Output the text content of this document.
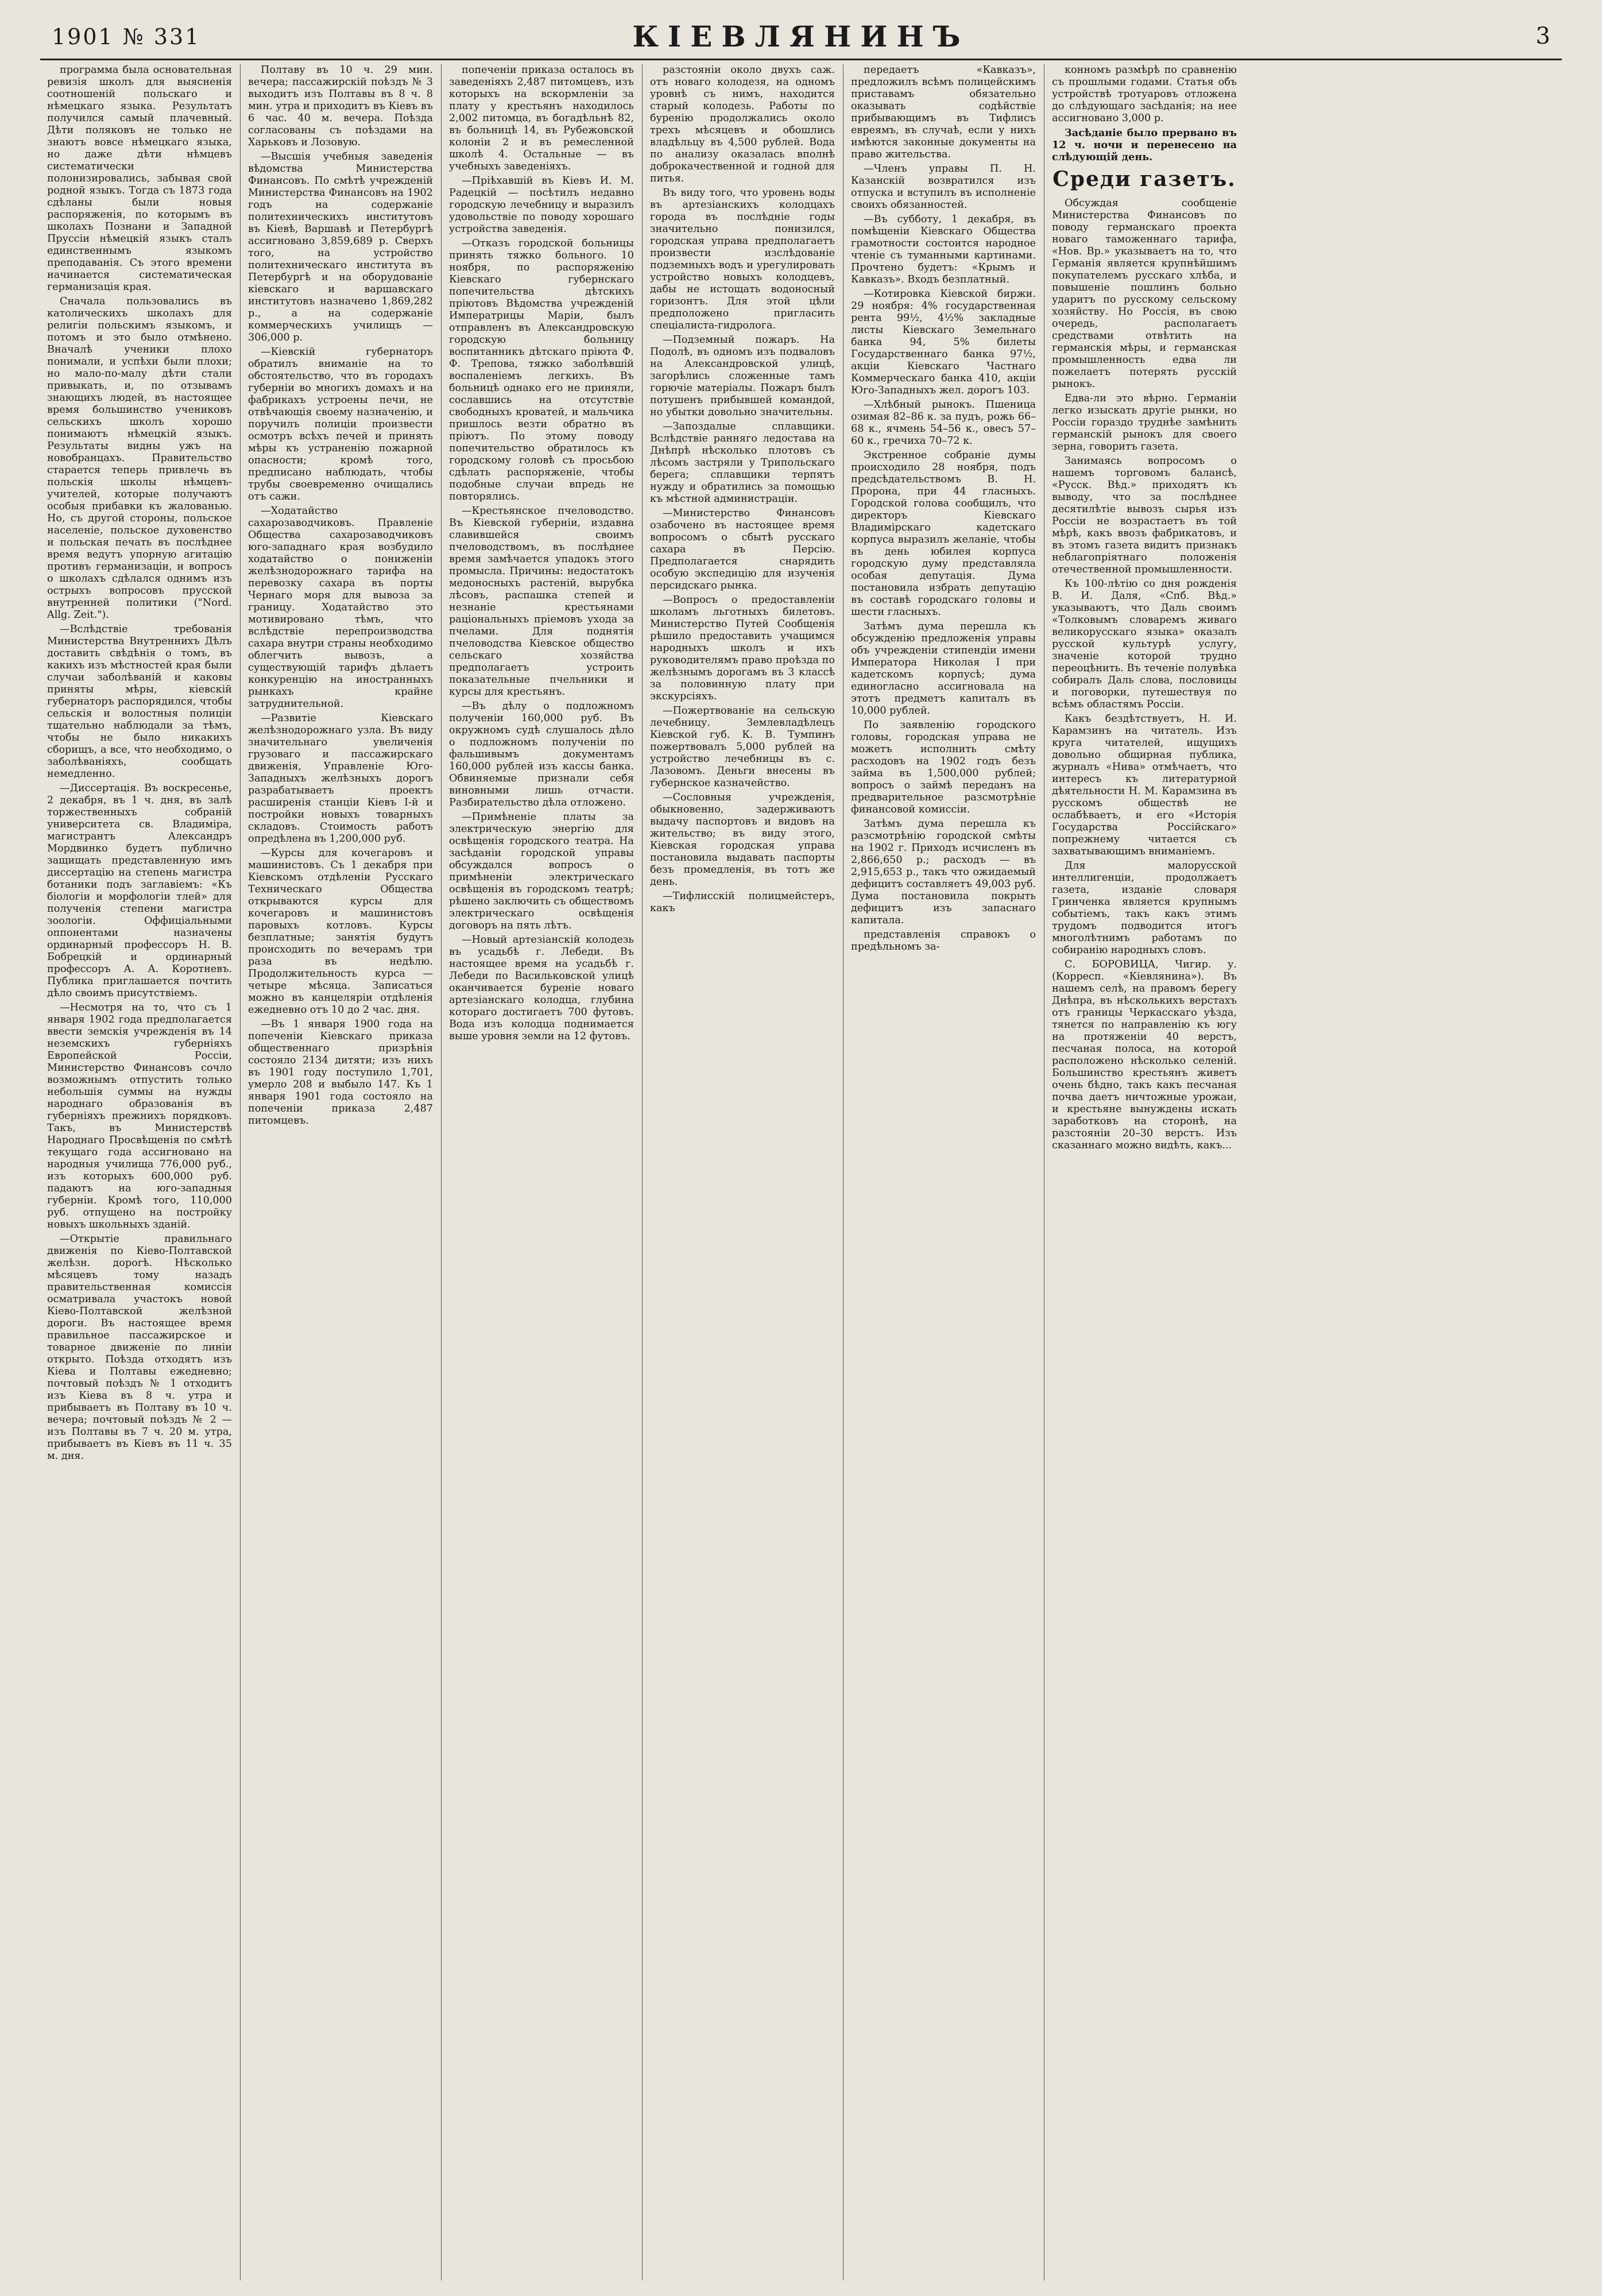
1901 № 331	КІЕВЛЯНИНЪ	3

программа была основательная ревизія школъ для выясненія соотношеній польскаго и нѣмецкаго языка. Результатъ получился самый плачевный. Дѣти поляковъ не только не знаютъ вовсе нѣмецкаго языка, но даже дѣти нѣмцевъ систематически полонизировались, забывая свой родной языкъ. Тогда съ 1873 года сдѣланы были новыя распоряженія, по которымъ въ школахъ Познани и Западной Пруссіи нѣмецкій языкъ сталъ единственнымъ языкомъ преподаванія. Съ этого времени начинается систематическая германизація края.

Сначала пользовались въ католическихъ школахъ для религіи польскимъ языкомъ, и потомъ и это было отмѣнено. Вначалѣ ученики плохо понимали, и успѣхи были плохи; но мало-по-малу дѣти стали привыкать, и, по отзывамъ знающихъ людей, въ настоящее время большинство учениковъ сельскихъ школъ хорошо понимаютъ нѣмецкій языкъ. Результаты видны ужъ на новобранцахъ. Правительство старается теперь привлечь въ польскія школы нѣмцевъ-учителей, которые получаютъ особыя прибавки къ жалованью. Но, съ другой стороны, польское населеніе, польское духовенство и польская печать въ послѣднее время ведутъ упорную агитацію противъ германизаціи, и вопросъ о школахъ сдѣлался однимъ изъ острыхъ вопросовъ прусской внутренней политики ("Nord. Allg. Zeit.").

—Вслѣдствіе требованія Министерства Внутреннихъ Дѣлъ доставить свѣдѣнія о томъ, въ какихъ изъ мѣстностей края были случаи заболѣваній и каковы приняты мѣры, кіевскій губернаторъ распорядился, чтобы сельскія и волостныя полиціи тщательно наблюдали за тѣмъ, чтобы не было никакихъ сборищъ, а все, что необходимо, о заболѣваніяхъ, сообщать немедленно.

—Диссертація. Въ воскресенье, 2 декабря, въ 1 ч. дня, въ залѣ торжественныхъ собраній университета св. Владиміра, магистрантъ Александръ Мордвинко будетъ публично защищать представленную имъ диссертацію на степень магистра ботаники подъ заглавіемъ: «Къ біологіи и морфологіи тлей» для полученія степени магистра зоологіи. Оффиціальными оппонентами назначены ординарный профессоръ Н. В. Бобрецкій и ординарный профессоръ А. А. Коротневъ. Публика приглашается почтить дѣло своимъ присутствіемъ.

—Несмотря на то, что съ 1 января 1902 года предполагается ввести земскія учрежденія въ 14 неземскихъ губерніяхъ Европейской Россіи, Министерство Финансовъ сочло возможнымъ отпустить только небольшія суммы на нужды народнаго образованія въ губерніяхъ прежнихъ порядковъ. Такъ, въ Министерствѣ Народнаго Просвѣщенія по смѣтѣ текущаго года ассигновано на народныя училища 776,000 руб., изъ которыхъ 600,000 руб. падаютъ на юго-западныя губерніи. Кромѣ того, 110,000 руб. отпущено на постройку новыхъ школьныхъ зданій.

—Открытіе правильнаго движенія по Кіево-Полтавской желѣзн. дорогѣ. Нѣсколько мѣсяцевъ тому назадъ правительственная комиссія осматривала участокъ новой Кіево-Полтавской желѣзной дороги. Въ настоящее время правильное пассажирское и товарное движеніе по линіи открыто. Поѣзда отходятъ изъ Кіева и Полтавы ежедневно; почтовый поѣздъ № 1 отходитъ изъ Кіева въ 8 ч. утра и прибываетъ въ Полтаву въ 10 ч. вечера; почтовый поѣздъ № 2 — изъ Полтавы въ 7 ч. 20 м. утра, прибываетъ въ Кіевъ въ 11 ч. 35 м. дня.

Полтаву въ 10 ч. 29 мин. вечера; пассажирскій поѣздъ № 3 выходитъ изъ Полтавы въ 8 ч. 8 мин. утра и приходитъ въ Кіевъ въ 6 час. 40 м. вечера. Поѣзда согласованы съ поѣздами на Харьковъ и Лозовую.

—Высшія учебныя заведенія вѣдомства Министерства Финансовъ. По смѣтѣ учрежденій Министерства Финансовъ на 1902 годъ на содержаніе политехническихъ институтовъ въ Кіевѣ, Варшавѣ и Петербургѣ ассигновано 3,859,689 р. Сверхъ того, на устройство политехническаго института въ Петербургѣ и на оборудованіе кіевскаго и варшавскаго институтовъ назначено 1,869,282 р., а на содержаніе коммерческихъ училищъ — 306,000 р.

—Кіевскій губернаторъ обратилъ вниманіе на то обстоятельство, что въ городахъ губерніи во многихъ домахъ и на фабрикахъ устроены печи, не отвѣчающія своему назначенію, и поручилъ полиціи произвести осмотръ всѣхъ печей и принять мѣры къ устраненію пожарной опасности; кромѣ того, предписано наблюдать, чтобы трубы своевременно очищались отъ сажи.

—Ходатайство сахарозаводчиковъ. Правленіе Общества сахарозаводчиковъ юго-западнаго края возбудило ходатайство о пониженіи желѣзнодорожнаго тарифа на перевозку сахара въ порты Чернаго моря для вывоза за границу. Ходатайство это мотивировано тѣмъ, что вслѣдствіе перепроизводства сахара внутри страны необходимо облегчить вывозъ, а существующій тарифъ дѣлаетъ конкуренцію на иностранныхъ рынкахъ крайне затруднительной.

—Развитіе Кіевскаго желѣзнодорожнаго узла. Въ виду значительнаго увеличенія грузоваго и пассажирскаго движенія, Управленіе Юго-Западныхъ желѣзныхъ дорогъ разрабатываетъ проектъ расширенія станціи Кіевъ I-й и постройки новыхъ товарныхъ складовъ. Стоимость работъ опредѣлена въ 1,200,000 руб.

—Курсы для кочегаровъ и машинистовъ. Съ 1 декабря при Кіевскомъ отдѣленіи Русскаго Техническаго Общества открываются курсы для кочегаровъ и машинистовъ паровыхъ котловъ. Курсы безплатные; занятія будутъ происходить по вечерамъ три раза въ недѣлю. Продолжительность курса — четыре мѣсяца. Записаться можно въ канцеляріи отдѣленія ежедневно отъ 10 до 2 час. дня.

—Въ 1 января 1900 года на попеченіи Кіевскаго приказа общественнаго призрѣнія состояло 2134 дитяти; изъ нихъ въ 1901 году поступило 1,701, умерло 208 и выбыло 147. Къ 1 января 1901 года состояло на попеченіи приказа 2,487 питомцевъ.

попеченіи приказа осталось въ заведеніяхъ 2,487 питомцевъ, изъ которыхъ на вскормленіи за плату у крестьянъ находилось 2,002 питомца, въ богадѣльнѣ 82, въ больницѣ 14, въ Рубежовской колоніи 2 и въ ремесленной школѣ 4. Остальные — въ учебныхъ заведеніяхъ.

—Пріѣхавшій въ Кіевъ И. М. Радецкій — посѣтилъ недавно городскую лечебницу и выразилъ удовольствіе по поводу хорошаго устройства заведенія.

—Отказъ городской больницы принять тяжко больного. 10 ноября, по распоряженію Кіевскаго губернскаго попечительства дѣтскихъ пріютовъ Вѣдомства учрежденій Императрицы Маріи, былъ отправленъ въ Александровскую городскую больницу воспитанникъ дѣтскаго пріюта Ф. Ф. Трепова, тяжко заболѣвшій воспаленіемъ легкихъ. Въ больницѣ однако его не приняли, сославшись на отсутствіе свободныхъ кроватей, и мальчика пришлось везти обратно въ пріютъ. По этому поводу попечительство обратилось къ городскому головѣ съ просьбою сдѣлать распоряженіе, чтобы подобные случаи впредь не повторялись.

—Крестьянское пчеловодство. Въ Кіевской губерніи, издавна славившейся своимъ пчеловодствомъ, въ послѣднее время замѣчается упадокъ этого промысла. Причины: недостатокъ медоносныхъ растеній, вырубка лѣсовъ, распашка степей и незнаніе крестьянами раціональныхъ пріемовъ ухода за пчелами. Для поднятія пчеловодства Кіевское общество сельскаго хозяйства предполагаетъ устроить показательные пчельники и курсы для крестьянъ.

—Въ дѣлу о подложномъ полученіи 160,000 руб. Въ окружномъ судѣ слушалось дѣло о подложномъ полученіи по фальшивымъ документамъ 160,000 рублей изъ кассы банка. Обвиняемые признали себя виновными лишь отчасти. Разбирательство дѣла отложено.

—Примѣненіе платы за электрическую энергію для освѣщенія городского театра. На засѣданіи городской управы обсуждался вопросъ о примѣненіи электрическаго освѣщенія въ городскомъ театрѣ; рѣшено заключить съ обществомъ электрическаго освѣщенія договоръ на пять лѣтъ.

—Новый артезіанскій колодезь въ усадьбѣ г. Лебеди. Въ настоящее время на усадьбѣ г. Лебеди по Васильковской улицѣ оканчивается буреніе новаго артезіанскаго колодца, глубина котораго достигаетъ 700 футовъ. Вода изъ колодца поднимается выше уровня земли на 12 футовъ.

разстояніи около двухъ саж. отъ новаго колодезя, на одномъ уровнѣ съ нимъ, находится старый колодезь. Работы по буренію продолжались около трехъ мѣсяцевъ и обошлись владѣльцу въ 4,500 рублей. Вода по анализу оказалась вполнѣ доброкачественной и годной для питья.

Въ виду того, что уровень воды въ артезіанскихъ колодцахъ города въ послѣдніе годы значительно понизился, городская управа предполагаетъ произвести изслѣдованіе подземныхъ водъ и урегулировать устройство новыхъ колодцевъ, дабы не истощать водоносный горизонтъ. Для этой цѣли предположено пригласить спеціалиста-гидролога.

—Подземный пожаръ. На Подолѣ, въ одномъ изъ подваловъ на Александровской улицѣ, загорѣлись сложенные тамъ горючіе матеріалы. Пожаръ былъ потушенъ прибывшей командой, но убытки довольно значительны.

—Запоздалые сплавщики. Вслѣдствіе ранняго ледостава на Днѣпрѣ нѣсколько плотовъ съ лѣсомъ застряли у Трипольскаго берега; сплавщики терпятъ нужду и обратились за помощью къ мѣстной администраціи.

—Министерство Финансовъ озабочено въ настоящее время вопросомъ о сбытѣ русскаго сахара въ Персію. Предполагается снарядить особую экспедицію для изученія персидскаго рынка.

—Вопросъ о предоставленіи школамъ льготныхъ билетовъ. Министерство Путей Сообщенія рѣшило предоставить учащимся народныхъ школъ и ихъ руководителямъ право проѣзда по желѣзнымъ дорогамъ въ 3 классѣ за половинную плату при экскурсіяхъ.

—Пожертвованіе на сельскую лечебницу. Землевладѣлецъ Кіевской губ. К. В. Тумпинъ пожертвовалъ 5,000 рублей на устройство лечебницы въ с. Лазовомъ. Деньги внесены въ губернское казначейство.

—Сословныя учрежденія, обыкновенно, задерживаютъ выдачу паспортовъ и видовъ на жительство; въ виду этого, Кіевская городская управа постановила выдавать паспорты безъ промедленія, въ тотъ же день.

—Тифлисскій полицмейстеръ, какъ

передаетъ «Кавказъ», предложилъ всѣмъ полицейскимъ приставамъ обязательно оказывать содѣйствіе прибывающимъ въ Тифлисъ евреямъ, въ случаѣ, если у нихъ имѣются законные документы на право жительства.

—Членъ управы П. Н. Казанскій возвратился изъ отпуска и вступилъ въ исполненіе своихъ обязанностей.

—Въ субботу, 1 декабря, въ помѣщеніи Кіевскаго Общества грамотности состоится народное чтеніе съ туманными картинами. Прочтено будетъ: «Крымъ и Кавказъ». Входъ безплатный.

—Котировка Кіевской биржи. 29 ноября: 4% государственная рента 99½, 4½% закладные листы Кіевскаго Земельнаго банка 94, 5% билеты Государственнаго банка 97½, акціи Кіевскаго Частнаго Коммерческаго банка 410, акціи Юго-Западныхъ жел. дорогъ 103.

—Хлѣбный рынокъ. Пшеница озимая 82–86 к. за пудъ, рожь 66–68 к., ячмень 54–56 к., овесъ 57–60 к., гречиха 70–72 к.

Экстренное собраніе думы происходило 28 ноября, подъ предсѣдательствомъ В. Н. Пророна, при 44 гласныхъ. Городской голова сообщилъ, что директоръ Кіевскаго Владимірскаго кадетскаго корпуса выразилъ желаніе, чтобы въ день юбилея корпуса городскую думу представляла особая депутація. Дума постановила избрать депутацію въ составѣ городскаго головы и шести гласныхъ.

Затѣмъ дума перешла къ обсужденію предложенія управы объ учрежденіи стипендіи имени Императора Николая I при кадетскомъ корпусѣ; дума единогласно ассигновала на этотъ предметъ капиталъ въ 10,000 рублей.

По заявленію городского головы, городская управа не можетъ исполнить смѣту расходовъ на 1902 годъ безъ займа въ 1,500,000 рублей; вопросъ о займѣ переданъ на предварительное разсмотрѣніе финансовой комиссіи.

Затѣмъ дума перешла къ разсмотрѣнію городской смѣты на 1902 г. Приходъ исчисленъ въ 2,866,650 р.; расходъ — въ 2,915,653 р., такъ что ожидаемый дефицитъ составляетъ 49,003 руб. Дума постановила покрыть дефицитъ изъ запаснаго капитала.

представленія справокъ о предѣльномъ за-

конномъ размѣрѣ по сравненію съ прошлыми годами. Статья объ устройствѣ тротуаровъ отложена до слѣдующаго засѣданія; на нее ассигновано 3,000 р.

Засѣданіе было прервано въ 12 ч. ночи и перенесено на слѣдующій день.

Среди газетъ.

Обсуждая сообщеніе Министерства Финансовъ по поводу германскаго проекта новаго таможеннаго тарифа, «Нов. Вр.» указываетъ на то, что Германія является крупнѣйшимъ покупателемъ русскаго хлѣба, и повышеніе пошлинъ больно ударитъ по русскому сельскому хозяйству. Но Россія, въ свою очередь, располагаетъ средствами отвѣтить на германскія мѣры, и германская промышленность едва ли пожелаетъ потерять русскій рынокъ.

Едва-ли это вѣрно. Германіи легко изыскать другіе рынки, но Россіи гораздо труднѣе замѣнить германскій рынокъ для своего зерна, говоритъ газета.

Занимаясь вопросомъ о нашемъ торговомъ балансѣ, «Русск. Вѣд.» приходятъ къ выводу, что за послѣднее десятилѣтіе вывозъ сырья изъ Россіи не возрастаетъ въ той мѣрѣ, какъ ввозъ фабрикатовъ, и въ этомъ газета видитъ признакъ неблагопріятнаго положенія отечественной промышленности.

Къ 100-лѣтію со дня рожденія В. И. Даля, «Спб. Вѣд.» указываютъ, что Даль своимъ «Толковымъ словаремъ живаго великорусскаго языка» оказалъ русской культурѣ услугу, значеніе которой трудно переоцѣнить. Въ теченіе полувѣка собиралъ Даль слова, пословицы и поговорки, путешествуя по всѣмъ областямъ Россіи.

Какъ бездѣтствуетъ, Н. И. Карамзинъ на читатель. Изъ круга читателей, ищущихъ довольно общирная публика, журналъ «Нива» отмѣчаетъ, что интересъ къ литературной дѣятельности Н. М. Карамзина въ русскомъ обществѣ не ослабѣваетъ, и его «Исторія Государства Россійскаго» попрежнему читается съ захватывающимъ вниманіемъ.

Для малорусской интеллигенціи, продолжаетъ газета, изданіе словаря Гринченка является крупнымъ событіемъ, такъ какъ этимъ трудомъ подводится итогъ многолѣтнимъ работамъ по собиранію народныхъ словъ.

С. БОРОВИЦА, Чигир. у. (Корресп. «Кіевлянина»). Въ нашемъ селѣ, на правомъ берегу Днѣпра, въ нѣсколькихъ верстахъ отъ границы Черкасскаго уѣзда, тянется по направленію къ югу на протяженіи 40 верстъ, песчаная полоса, на которой расположено нѣсколько селеній. Большинство крестьянъ живетъ очень бѣдно, такъ какъ песчаная почва даетъ ничтожные урожаи, и крестьяне вынуждены искать заработковъ на сторонѣ, на разстояніи 20–30 верстъ. Изъ сказаннаго можно видѣть, какъ...
